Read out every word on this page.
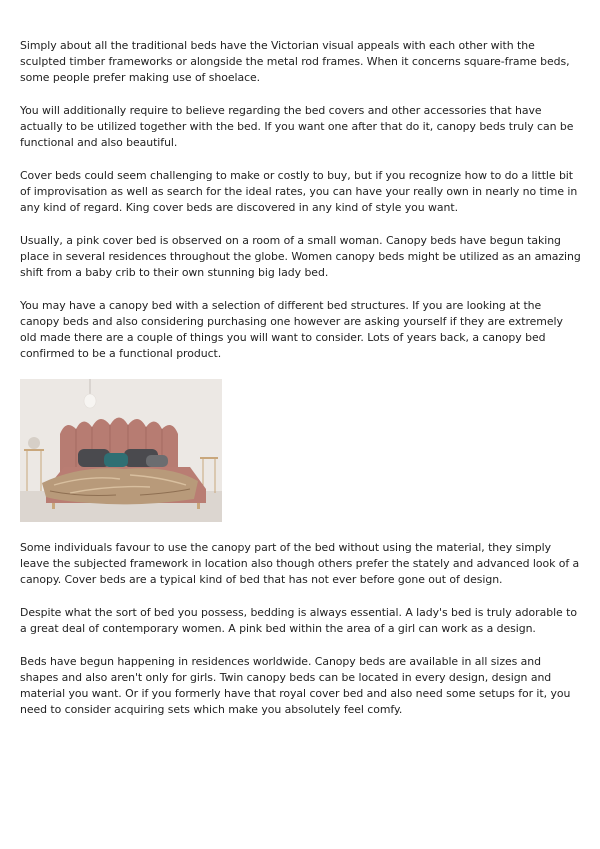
Simply about all the traditional beds have the Victorian visual appeals with each other with the sculpted timber frameworks or alongside the metal rod frames. When it concerns square-frame beds, some people prefer making use of shoelace.

You will additionally require to believe regarding the bed covers and other accessories that have actually to be utilized together with the bed. If you want one after that do it, canopy beds truly can be functional and also beautiful.

Cover beds could seem challenging to make or costly to buy, but if you recognize how to do a little bit of improvisation as well as search for the ideal rates, you can have your really own in nearly no time in any kind of regard. King cover beds are discovered in any kind of style you want.

Usually, a pink cover bed is observed on a room of a small woman. Canopy beds have begun taking place in several residences throughout the globe. Women canopy beds might be utilized as an amazing shift from a baby crib to their own stunning big lady bed.

You may have a canopy bed with a selection of different bed structures. If you are looking at the canopy beds and also considering purchasing one however are asking yourself if they are extremely old made there are a couple of things you will want to consider. Lots of years back, a canopy bed confirmed to be a functional product.

Some individuals favour to use the canopy part of the bed without using the material, they simply leave the subjected framework in location also though others prefer the stately and advanced look of a canopy. Cover beds are a typical kind of bed that has not ever before gone out of design.

Despite what the sort of bed you possess, bedding is always essential. A lady's bed is truly adorable to a great deal of contemporary women. A pink bed within the area of a girl can work as a design.

Beds have begun happening in residences worldwide. Canopy beds are available in all sizes and shapes and also aren't only for girls. Twin canopy beds can be located in every design, design and material you want. Or if you formerly have that royal cover bed and also need some setups for it, you need to consider acquiring sets which make you absolutely feel comfy.
